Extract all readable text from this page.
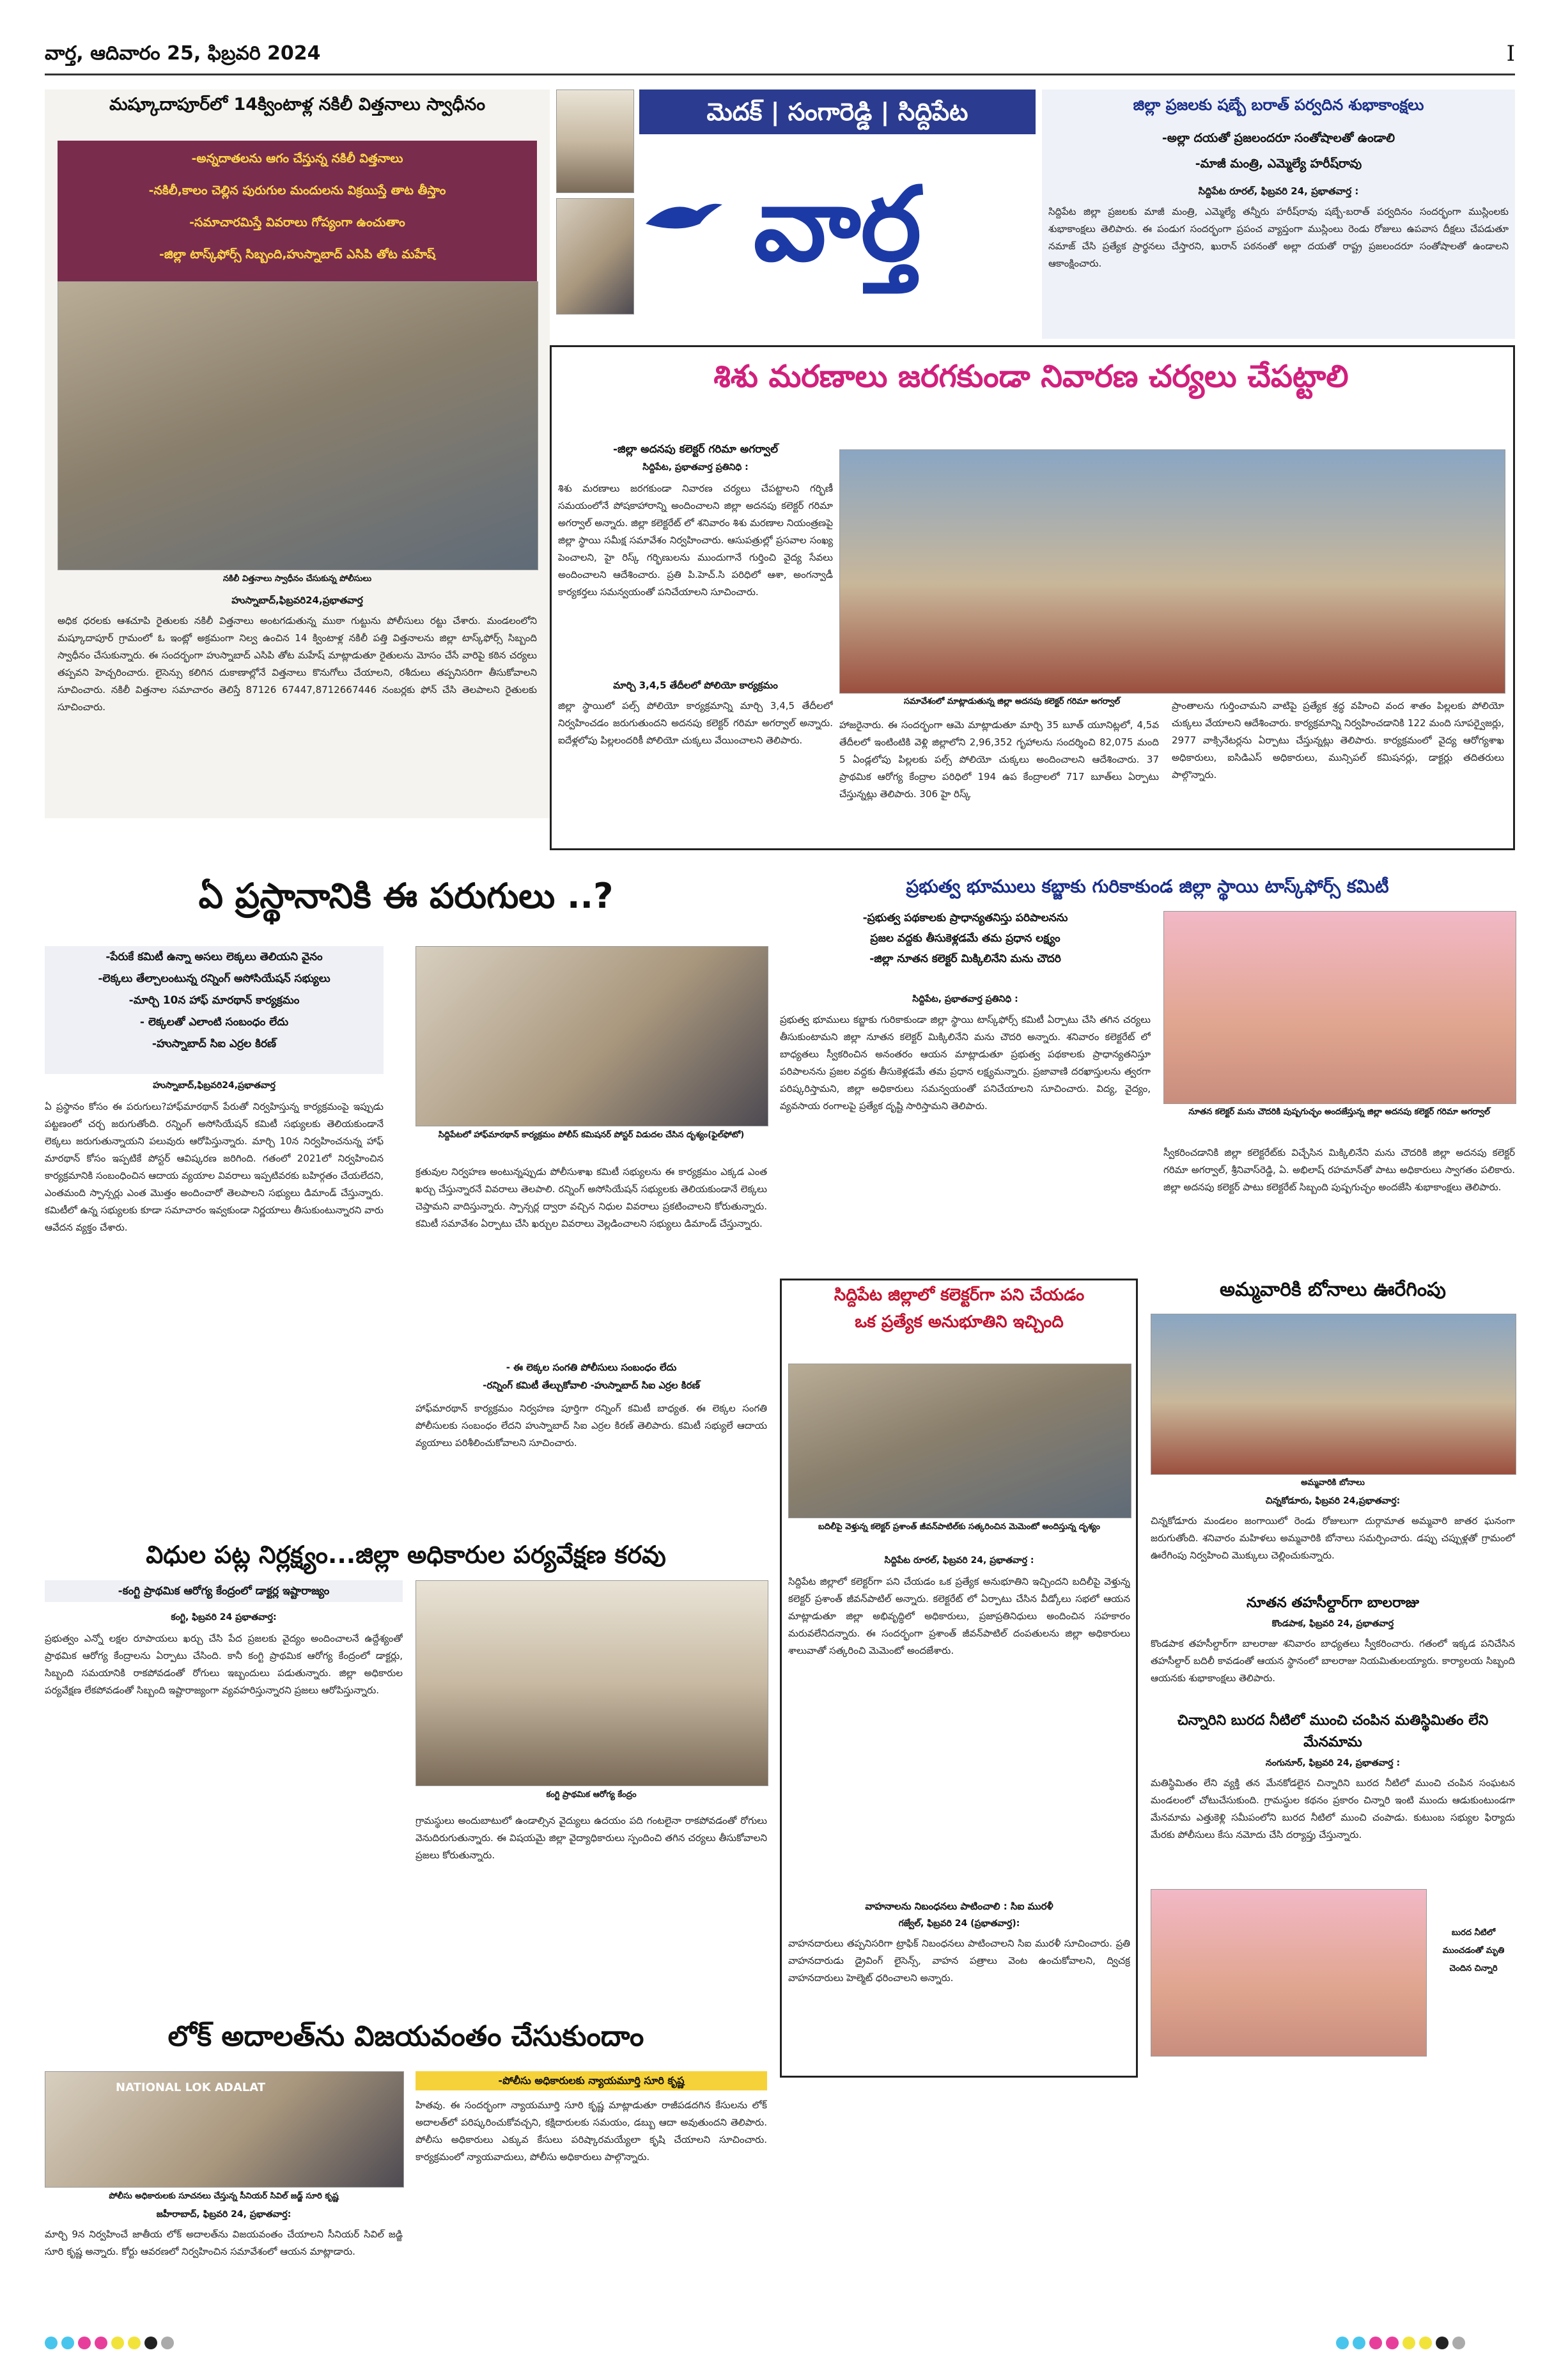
వార్త, ఆదివారం 25, ఫిబ్రవరి 2024	I
మష్కూదాపూర్‌లో 14క్వింటాళ్ల నకిలీ విత్తనాలు స్వాధీనం
-అన్నదాతలను ఆగం చేస్తున్న నకిలీ విత్తనాలు
-నకిలీ,కాలం చెల్లిన పురుగుల మందులను విక్రయిస్తే తాట తీస్తాం
-సమాచారమిస్తే వివరాలు గోప్యంగా ఉంచుతాం
-జిల్లా టాస్క్‌ఫోర్స్ సిబ్బంది,హుస్నాబాద్ ఎసిపి తోట మహేష్
నకిలీ విత్తనాలు స్వాధీనం చేసుకున్న పోలీసులు
హుస్నాబాద్,ఫిబ్రవరి24,ప్రభాతవార్త
అధిక ధరలకు ఆశచూపి రైతులకు నకిలీ విత్తనాలు అంటగడుతున్న ముఠా గుట్టును పోలీసులు రట్టు చేశారు. మండలంలోని మష్కూదాపూర్ గ్రామంలో ఓ ఇంట్లో అక్రమంగా నిల్వ ఉంచిన 14 క్వింటాళ్ల నకిలీ పత్తి విత్తనాలను జిల్లా టాస్క్‌ఫోర్స్ సిబ్బంది స్వాధీనం చేసుకున్నారు. ఈ సందర్భంగా హుస్నాబాద్ ఎసిపి తోట మహేష్ మాట్లాడుతూ రైతులను మోసం చేసే వారిపై కఠిన చర్యలు తప్పవని హెచ్చరించారు. లైసెన్సు కలిగిన దుకాణాల్లోనే విత్తనాలు కొనుగోలు చేయాలని, రశీదులు తప్పనిసరిగా తీసుకోవాలని సూచించారు. నకిలీ విత్తనాల సమాచారం తెలిస్తే 87126 67447,8712667446 నంబర్లకు ఫోన్ చేసి తెలపాలని రైతులకు సూచించారు.
మెదక్ | సంగారెడ్డి | సిద్దిపేట
వార్త
జిల్లా ప్రజలకు షబ్బే బరాత్ పర్వదిన శుభాకాంక్షలు
-అల్లా దయతో ప్రజలందరూ సంతోషాలతో ఉండాలి
-మాజీ మంత్రి, ఎమ్మెల్యే హరీష్‌రావు
సిద్దిపేట రూరల్, ఫిబ్రవరి 24, ప్రభాతవార్త :
సిద్దిపేట జిల్లా ప్రజలకు మాజీ మంత్రి, ఎమ్మెల్యే తన్నీరు హరీష్‌రావు షబ్బే-బరాత్ పర్వదినం సందర్భంగా ముస్లింలకు శుభాకాంక్షలు తెలిపారు. ఈ పండుగ సందర్భంగా ప్రపంచ వ్యాప్తంగా ముస్లింలు రెండు రోజులు ఉపవాస దీక్షలు చేపడుతూ నమాజ్ చేసి ప్రత్యేక ప్రార్థనలు చేస్తారని, ఖురాన్ పఠనంతో అల్లా దయతో రాష్ట్ర ప్రజలందరూ సంతోషాలతో ఉండాలని ఆకాంక్షించారు.
శిశు మరణాలు జరగకుండా నివారణ చర్యలు చేపట్టాలి
-జిల్లా అదనపు కలెక్టర్ గరిమా అగర్వాల్
సిద్దిపేట, ప్రభాతవార్త ప్రతినిధి :
శిశు మరణాలు జరగకుండా నివారణ చర్యలు చేపట్టాలని గర్భిణీ సమయంలోనే పోషకాహారాన్ని అందించాలని జిల్లా అదనపు కలెక్టర్ గరిమా అగర్వాల్ అన్నారు. జిల్లా కలెక్టరేట్ లో శనివారం శిశు మరణాల నియంత్రణపై జిల్లా స్థాయి సమీక్ష సమావేశం నిర్వహించారు. ఆసుపత్రుల్లో ప్రసవాల సంఖ్య పెంచాలని, హై రిస్క్ గర్భిణులను ముందుగానే గుర్తించి వైద్య సేవలు అందించాలని ఆదేశించారు. ప్రతి పి.హెచ్.సి పరిధిలో ఆశా, అంగన్వాడీ కార్యకర్తలు సమన్వయంతో పనిచేయాలని సూచించారు.
మార్చి 3,4,5 తేదీలలో పోలియో కార్యక్రమం
జిల్లా స్థాయిలో పల్స్ పోలియో కార్యక్రమాన్ని మార్చి 3,4,5 తేదీలలో నిర్వహించడం జరుగుతుందని అదనపు కలెక్టర్ గరిమా అగర్వాల్ అన్నారు. ఐదేళ్లలోపు పిల్లలందరికీ పోలియో చుక్కలు వేయించాలని తెలిపారు.
సమావేశంలో మాట్లాడుతున్న జిల్లా అదనపు కలెక్టర్ గరిమా అగర్వాల్
హాజరైనారు. ఈ సందర్భంగా ఆమె మాట్లాడుతూ మార్చి 35 బూత్ యూనిట్లలో, 4,5వ తేదీలలో ఇంటింటికి వెళ్లి జిల్లాలోని 2,96,352 గృహాలను సందర్శించి 82,075 మంది 5 ఏండ్లలోపు పిల్లలకు పల్స్ పోలియో చుక్కలు అందించాలని ఆదేశించారు. 37 ప్రాథమిక ఆరోగ్య కేంద్రాల పరిధిలో 194 ఉప కేంద్రాలలో 717 బూత్‌లు ఏర్పాటు చేస్తున్నట్లు తెలిపారు. 306 హై రిస్క్
ప్రాంతాలను గుర్తించామని వాటిపై ప్రత్యేక శ్రద్ధ వహించి వంద శాతం పిల్లలకు పోలియో చుక్కలు వేయాలని ఆదేశించారు. కార్యక్రమాన్ని నిర్వహించడానికి 122 మంది సూపర్వైజర్లు, 2977 వాక్సినేటర్లను ఏర్పాటు చేస్తున్నట్లు తెలిపారు. కార్యక్రమంలో వైద్య ఆరోగ్యశాఖ అధికారులు, ఐసిడిఎస్ అధికారులు, మున్సిపల్ కమిషనర్లు, డాక్టర్లు తదితరులు పాల్గొన్నారు.
ఏ ప్రస్థానానికి ఈ పరుగులు ..?
-పేరుకే కమిటీ ఉన్నా అసలు లెక్కలు తెలియని వైనం
-లెక్కలు తేల్చాలంటున్న రన్నింగ్ అసోసియేషన్ సభ్యులు
-మార్చి 10న హాఫ్ మారథాన్ కార్యక్రమం
- లెక్కలతో ఎలాంటి సంబంధం లేదు
-హుస్నాబాద్ సిఐ ఎర్రల కిరణ్
హుస్నాబాద్,ఫిబ్రవరి24,ప్రభాతవార్త
ఏ ప్రస్థానం కోసం ఈ పరుగులు?హాఫ్‌మారథాన్ పేరుతో నిర్వహిస్తున్న కార్యక్రమంపై ఇప్పుడు పట్టణంలో చర్చ జరుగుతోంది. రన్నింగ్ అసోసియేషన్ కమిటీ సభ్యులకు తెలియకుండానే లెక్కలు జరుగుతున్నాయని పలువురు ఆరోపిస్తున్నారు. మార్చి 10న నిర్వహించనున్న హాఫ్ మారథాన్ కోసం ఇప్పటికే పోస్టర్ ఆవిష్కరణ జరిగింది. గతంలో 2021లో నిర్వహించిన కార్యక్రమానికి సంబంధించిన ఆదాయ వ్యయాల వివరాలు ఇప్పటివరకు బహిర్గతం చేయలేదని, ఎంతమంది స్పాన్సర్లు ఎంత మొత్తం అందించారో తెలపాలని సభ్యులు డిమాండ్ చేస్తున్నారు. కమిటీలో ఉన్న సభ్యులకు కూడా సమాచారం ఇవ్వకుండా నిర్ణయాలు తీసుకుంటున్నారని వారు ఆవేదన వ్యక్తం చేశారు.
సిద్దిపేటలో హాఫ్‌మారథాన్ కార్యక్రమం పోలీస్ కమిషనర్ పోస్టర్ విడుదల చేసిన దృశ్యం(ఫైల్‌ఫోటో)
క్రతువుల నిర్వహణ అంటున్నప్పుడు పోలీసుశాఖ కమిటీ సభ్యులను ఈ కార్యక్రమం ఎక్కడ ఎంత ఖర్చు చేస్తున్నారనే వివరాలు తెలపాలి. రన్నింగ్ అసోసియేషన్ సభ్యులకు తెలియకుండానే లెక్కలు చెప్తామని వాదిస్తున్నారు. స్పాన్సర్ల ద్వారా వచ్చిన నిధుల వివరాలు ప్రకటించాలని కోరుతున్నారు. కమిటీ సమావేశం ఏర్పాటు చేసి ఖర్చుల వివరాలు వెల్లడించాలని సభ్యులు డిమాండ్ చేస్తున్నారు.
- ఈ లెక్కల సంగతి పోలీసులు సంబంధం లేదు
-రన్నింగ్ కమిటీ తేల్చుకోవాలి -హుస్నాబాద్ సిఐ ఎర్రల కిరణ్
హాఫ్‌మారథాన్ కార్యక్రమం నిర్వహణ పూర్తిగా రన్నింగ్ కమిటీ బాధ్యత. ఈ లెక్కల సంగతి పోలీసులకు సంబంధం లేదని హుస్నాబాద్ సిఐ ఎర్రల కిరణ్ తెలిపారు. కమిటీ సభ్యులే ఆదాయ వ్యయాలు పరిశీలించుకోవాలని సూచించారు.
ప్రభుత్వ భూములు కబ్జాకు గురికాకుండ జిల్లా స్థాయి టాస్క్‌ఫోర్స్ కమిటీ
-ప్రభుత్వ పథకాలకు ప్రాధాన్యతనిస్తు పరిపాలనను
ప్రజల వద్దకు తీసుకెళ్లడమే తమ ప్రధాన లక్ష్యం
-జిల్లా నూతన కలెక్టర్ మిక్కిలినేని మను చౌదరి
సిద్దిపేట, ప్రభాతవార్త ప్రతినిధి :
ప్రభుత్వ భూములు కబ్జాకు గురికాకుండా జిల్లా స్థాయి టాస్క్‌ఫోర్స్ కమిటీ ఏర్పాటు చేసి తగిన చర్యలు తీసుకుంటామని జిల్లా నూతన కలెక్టర్ మిక్కిలినేని మను చౌదరి అన్నారు. శనివారం కలెక్టరేట్ లో బాధ్యతలు స్వీకరించిన అనంతరం ఆయన మాట్లాడుతూ ప్రభుత్వ పథకాలకు ప్రాధాన్యతనిస్తూ పరిపాలనను ప్రజల వద్దకు తీసుకెళ్లడమే తమ ప్రధాన లక్ష్యమన్నారు. ప్రజావాణి దరఖాస్తులను త్వరగా పరిష్కరిస్తామని, జిల్లా అధికారులు సమన్వయంతో పనిచేయాలని సూచించారు. విద్య, వైద్యం, వ్యవసాయ రంగాలపై ప్రత్యేక దృష్టి సారిస్తామని తెలిపారు.
నూతన కలెక్టర్ మను చౌదరికి పుష్పగుచ్ఛం అందజేస్తున్న జిల్లా అదనపు కలెక్టర్ గరిమా అగర్వాల్
స్వీకరించడానికి జిల్లా కలెక్టరేట్‌కు విచ్చేసిన మిక్కిలినేని మను చౌదరికి జిల్లా అదనపు కలెక్టర్ గరిమా అగర్వాల్, శ్రీనివాస్‌రెడ్డి, ఏ. అభిలాష్ రహమాన్‌తో పాటు అధికారులు స్వాగతం పలికారు. జిల్లా అదనపు కలెక్టర్ పాటు కలెక్టరేట్ సిబ్బంది పుష్పగుచ్ఛం అందజేసి శుభాకాంక్షలు తెలిపారు.
సిద్దిపేట జిల్లాలో కలెక్టర్‌గా పని చేయడం
ఒక ప్రత్యేక అనుభూతిని ఇచ్చింది
బదిలీపై వెళ్తున్న కలెక్టర్ ప్రశాంత్ జీవన్‌పాటిల్‌కు సత్కరించిన మెమెంటో అందిస్తున్న దృశ్యం
సిద్దిపేట రూరల్, ఫిబ్రవరి 24, ప్రభాతవార్త :
సిద్దిపేట జిల్లాలో కలెక్టర్‌గా పని చేయడం ఒక ప్రత్యేక అనుభూతిని ఇచ్చిందని బదిలీపై వెళ్తున్న కలెక్టర్ ప్రశాంత్ జీవన్‌పాటిల్ అన్నారు. కలెక్టరేట్ లో ఏర్పాటు చేసిన వీడ్కోలు సభలో ఆయన మాట్లాడుతూ జిల్లా అభివృద్ధిలో అధికారులు, ప్రజాప్రతినిధులు అందించిన సహకారం మరువలేనిదన్నారు. ఈ సందర్భంగా ప్రశాంత్ జీవన్‌పాటిల్ దంపతులను జిల్లా అధికారులు శాలువాతో సత్కరించి మెమెంటో అందజేశారు.
వాహనాలను నిబంధనలు పాటించాలి : సిఐ మురళీ
గజ్వేల్, ఫిబ్రవరి 24 (ప్రభాతవార్త):
వాహనదారులు తప్పనిసరిగా ట్రాఫిక్ నిబంధనలు పాటించాలని సిఐ మురళీ సూచించారు. ప్రతి వాహనదారుడు డ్రైవింగ్ లైసెన్స్, వాహన పత్రాలు వెంట ఉంచుకోవాలని, ద్విచక్ర వాహనదారులు హెల్మెట్ ధరించాలని అన్నారు.
అమ్మవారికి బోనాలు ఊరేగింపు
అమ్మవారికి బోనాలు
చిన్నకోడూరు, ఫిబ్రవరి 24,ప్రభాతవార్త:
చిన్నకోడూరు మండలం జంగాయిలో రెండు రోజులుగా దుర్గామాత అమ్మవారి జాతర ఘనంగా జరుగుతోంది. శనివారం మహిళలు అమ్మవారికి బోనాలు సమర్పించారు. డప్పు చప్పుళ్లతో గ్రామంలో ఊరేగింపు నిర్వహించి మొక్కులు చెల్లించుకున్నారు.
నూతన తహసీల్దార్‌గా బాలరాజు
కొండపాక, ఫిబ్రవరి 24, ప్రభాతవార్త
కొండపాక తహసీల్దార్‌గా బాలరాజు శనివారం బాధ్యతలు స్వీకరించారు. గతంలో ఇక్కడ పనిచేసిన తహసీల్దార్ బదిలీ కావడంతో ఆయన స్థానంలో బాలరాజు నియమితులయ్యారు. కార్యాలయ సిబ్బంది ఆయనకు శుభాకాంక్షలు తెలిపారు.
చిన్నారిని బురద నీటిలో ముంచి చంపిన మతిస్థిమితం లేని మేనమామ
నంగునూర్, ఫిబ్రవరి 24, ప్రభాతవార్త :
మతిస్థిమితం లేని వ్యక్తి తన మేనకోడలైన చిన్నారిని బురద నీటిలో ముంచి చంపిన సంఘటన మండలంలో చోటుచేసుకుంది. గ్రామస్థుల కథనం ప్రకారం చిన్నారి ఇంటి ముందు ఆడుకుంటుండగా మేనమామ ఎత్తుకెళ్లి సమీపంలోని బురద నీటిలో ముంచి చంపాడు. కుటుంబ సభ్యుల ఫిర్యాదు మేరకు పోలీసులు కేసు నమోదు చేసి దర్యాప్తు చేస్తున్నారు.
బురద నీటిలో ముంచడంతో మృతి చెందిన చిన్నారి
విధుల పట్ల నిర్లక్ష్యం...జిల్లా అధికారుల పర్యవేక్షణ కరవు
-కంగ్టి ప్రాథమిక ఆరోగ్య కేంద్రంలో డాక్టర్ల ఇష్టారాజ్యం
కంగ్టి, ఫిబ్రవరి 24 ప్రభాతవార్త:
ప్రభుత్వం ఎన్నో లక్షల రూపాయలు ఖర్చు చేసి పేద ప్రజలకు వైద్యం అందించాలనే ఉద్దేశ్యంతో ప్రాథమిక ఆరోగ్య కేంద్రాలను ఏర్పాటు చేసింది. కానీ కంగ్టి ప్రాథమిక ఆరోగ్య కేంద్రంలో డాక్టర్లు, సిబ్బంది సమయానికి రాకపోవడంతో రోగులు ఇబ్బందులు పడుతున్నారు. జిల్లా అధికారుల పర్యవేక్షణ లేకపోవడంతో సిబ్బంది ఇష్టారాజ్యంగా వ్యవహరిస్తున్నారని ప్రజలు ఆరోపిస్తున్నారు.
కంగ్టి ప్రాథమిక ఆరోగ్య కేంద్రం
గ్రామస్థులు అందుబాటులో ఉండాల్సిన వైద్యులు ఉదయం పది గంటలైనా రాకపోవడంతో రోగులు వెనుదిరుగుతున్నారు. ఈ విషయమై జిల్లా వైద్యాధికారులు స్పందించి తగిన చర్యలు తీసుకోవాలని ప్రజలు కోరుతున్నారు.
లోక్ అదాలత్‌ను విజయవంతం చేసుకుందాం
NATIONAL LOK ADALAT
పోలీసు అధికారులకు సూచనలు చేస్తున్న సీనియర్ సివిల్ జడ్జ్ సూరి కృష్ణ
జహీరాబాద్, ఫిబ్రవరి 24, ప్రభాతవార్త:
మార్చి 9న నిర్వహించే జాతీయ లోక్ అదాలత్‌ను విజయవంతం చేయాలని సీనియర్ సివిల్ జడ్జి సూరి కృష్ణ అన్నారు. కోర్టు ఆవరణలో నిర్వహించిన సమావేశంలో ఆయన మాట్లాడారు.
-పోలీసు అధికారులకు న్యాయమూర్తి సూరి కృష్ణ
హితవు. ఈ సందర్భంగా న్యాయమూర్తి సూరి కృష్ణ మాట్లాడుతూ రాజీపడదగిన కేసులను లోక్ అదాలత్‌లో పరిష్కరించుకోవచ్చని, కక్షిదారులకు సమయం, డబ్బు ఆదా అవుతుందని తెలిపారు. పోలీసు అధికారులు ఎక్కువ కేసులు పరిష్కారమయ్యేలా కృషి చేయాలని సూచించారు. కార్యక్రమంలో న్యాయవాదులు, పోలీసు అధికారులు పాల్గొన్నారు.
